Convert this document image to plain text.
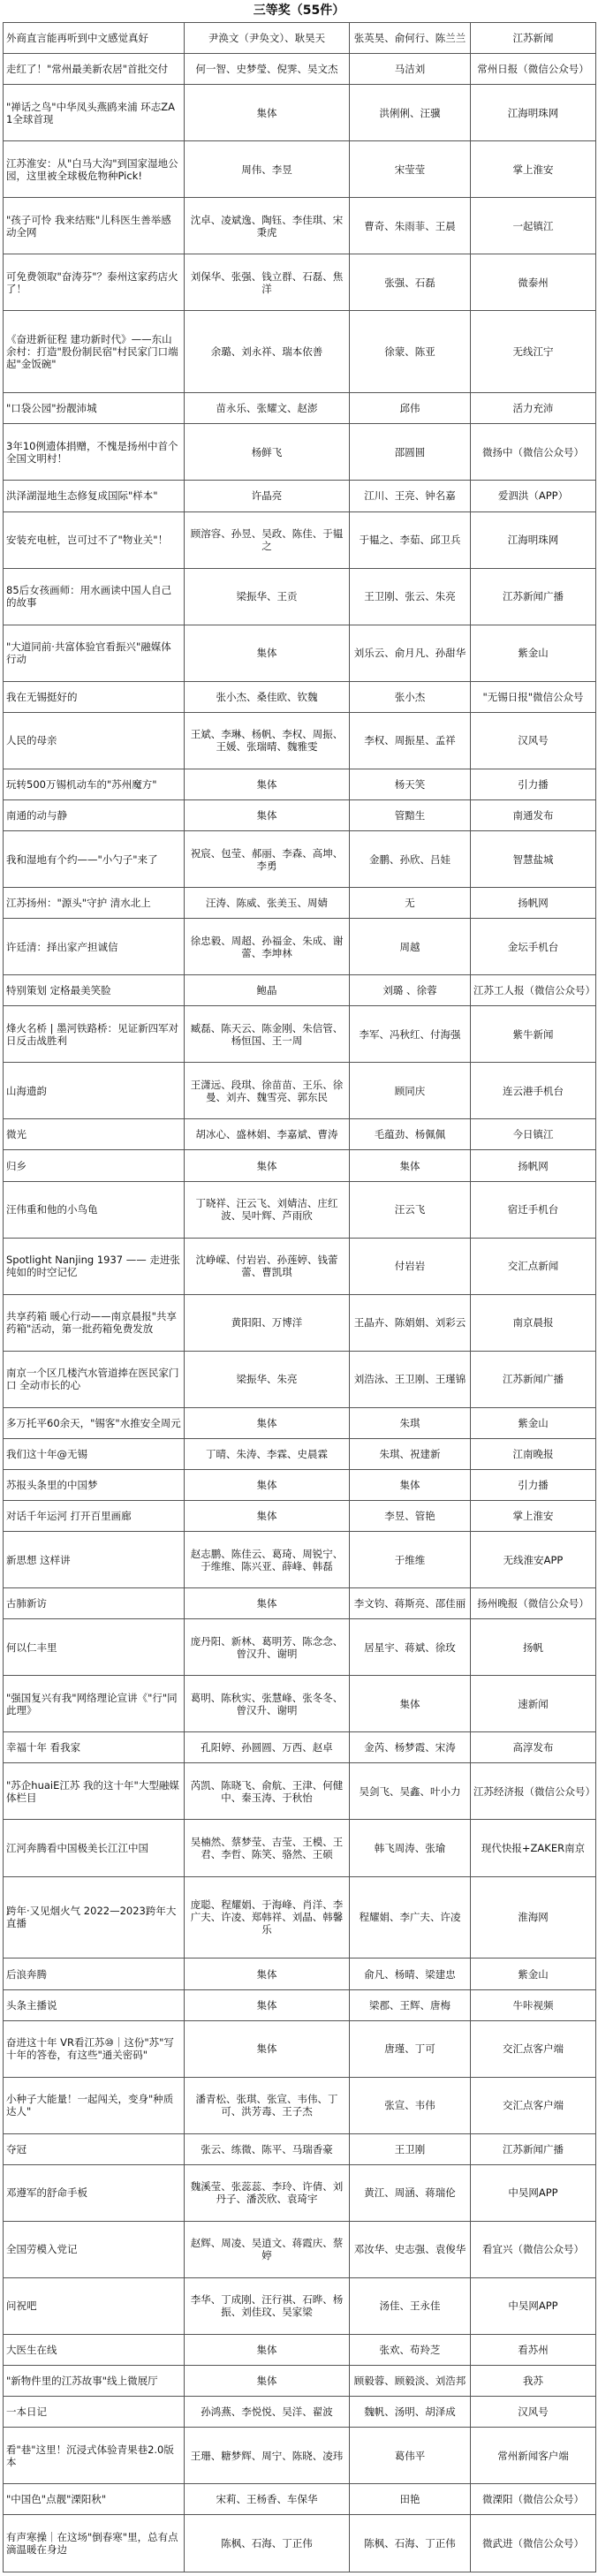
三等奖（55件）
外商直言能再听到中文感觉真好	尹涣文（尹奂文）、耿昊天	张英昊、俞何行、陈兰兰	江苏新闻
走红了！"常州最美新农居"首批交付	何一智、史梦瑩、倪霁、吴文杰	马洁刘	常州日报（微信公众号）
"禅话之鸟"中华凤头燕鸥来浦 环志ZA1全球首现	集体	洪俐俐、汪骥	江海明珠网
江苏淮安：从"白马大沟"到国家湿地公园，这里被全球极危物种Pick!	周伟、李昱	宋莹莹	掌上淮安
"孩子可怜 我来结账"儿科医生善举感动全网	沈卓、凌斌逸、陶钰、李佳琪、宋秉虎	曹奇、朱雨菲、王晨	一起镇江
可免费领取"奋涛芬"？泰州这家药店火了！	刘保华、张强、钱立群、石磊、焦洋	张强、石磊	微泰州
《奋进新征程 建功新时代》——东山余村：打造"股份制民宿"村民家门口端起"金饭碗"	余璐、刘永祥、瑞本依善	徐蒙、陈亚	无线江宁
"口袋公园"扮靓沛城	苗永乐、张耀文、赵澎	邱伟	活力充沛
3年10例遗体捐赠，不愧是扬州中首个全国文明村！	杨鲜飞	邵圆圆	微扬中（微信公众号）
洪泽湖湿地生态修复成国际"样本"	许晶亮	江川、王亮、钟名嘉	爱泗洪（APP）
安装充电桩，岂可过不了"物业关"！	顾溶容、孙昱、吴政、陈佳、于韫之	于韫之、李茹、邱卫兵	江海明珠网
85后女孩画师：用水画读中国人自己的故事	梁振华、王贡	王卫刚、张云、朱亮	江苏新闻广播
"大道同前·共富体验官看振兴"融媒体行动	集体	刘乐云、俞月凡、孙甜华	紫金山
我在无锡挺好的	张小杰、桑佳欧、钦魏	张小杰	"无锡日报"微信公众号
人民的母亲	王斌、李琳、杨帆、李权、周振、王媛、张瑞晴、魏雅雯	李权、周振星、孟祥	汉风号
玩转500万锡机动车的"苏州魔方"	集体	杨天笑	引力播
南通的动与静	集体	管黯生	南通发布
我和湿地有个约——"小勺子"来了	祝宸、包莹、郝丽、李森、高坤、李勇	金鹏、孙欣、吕娃	智慧盐城
江苏扬州："源头"守护 清水北上	汪涛、陈威、张美玉、周婧	无	扬帆网
许廷清：择出家产担诚信	徐忠毅、周超、孙福金、朱成、谢蕾、李坤林	周越	金坛手机台
特别策划 定格最美笑脸	鲍晶	刘璐 、徐蓉	江苏工人报（微信公众号）
烽火名桥 | 墨河铁路桥：见证新四军对日反击战胜利	臧磊、陈天云、陈金刚、朱信管、杨恒国、王一周	李军、冯秋红、付海强	紫牛新闻
山海遗韵	王潇远、段琪、徐苗苗、王乐、徐曼、刘卉、魏雪亮、郭东民	顾同庆	连云港手机台
微光	胡冰心、盛林娟、李嘉斌、曹涛	毛蕴劲、杨佩佩	今日镇江
归乡	集体	集体	扬帆网
汪伟重和他的小鸟龟	丁晓祥、汪云飞、刘婧洁、庄红波、吴叶辉、芦雨欣	汪云飞	宿迁手机台
Spotlight Nanjing 1937 —— 走进张纯如的时空记忆	沈峥嵘、付岩岩、孙莲婷、钱蕾蕾、曹凯琪	付岩岩	交汇点新闻
共享药箱 暖心行动——南京晨报"共享药箱"活动，第一批药箱免费发放	黄阳阳、万博洋	王晶卉、陈娟娟、刘彩云	南京晨报
南京一个区几楼汽水管道捧在医民家门口 全动市长的心	梁振华、朱亮	刘浩泳、王卫刚、王瑾锦	江苏新闻广播
多万托平60余天，"锡客"水推安全周元	集体	朱琪	紫金山
我们这十年@无锡	丁晴、朱涛、李霖、史晨霖	朱琪、祝建新	江南晚报
苏报头条里的中国梦	集体	集体	引力播
对话千年运河 打开百里画廊	集体	李昱、管艳	掌上淮安
新思想 这样讲	赵志鹏、陈佳云、葛琦、周锐宁、于维维、陈兴亚、薛峰、韩磊	于维维	无线淮安APP
古肺新访	集体	李文钧、蒋斯亮、邵佳丽	扬州晚报（微信公众号）
何以仁丰里	庞丹阳、新林、葛明芳、陈念念、曾汉升、谢明	居星宇、蒋斌、徐玫	扬帆
"强国复兴有我"网络理论宣讲《"行"同此理》	葛明、陈秋实、张慧峰、张冬冬、曾汉升、谢明	集体	速新闻
幸福十年 看我家	孔阳婷、孙圆圆、万西、赵卓	金芮、杨梦霞、宋涛	高淳发布
"苏企huaiE江苏 我的这十年"大型融媒体栏目	芮凯、陈晓飞、俞航、王津、何健中、秦玉涛、于秋怡	吴剑飞、吴鑫、叶小力	江苏经济报（微信公众号）
江河奔腾看中国极美长江江中国	吴楠然、蔡梦莹、吉莹、王模、王君、李哲、陈笑、骆然、王硕	韩飞周涛、张瑜	现代快报+ZAKER南京
跨年·又见烟火气 2022—2023跨年大直播	庞聪、程耀娟、于海峰、肖洋、李广夫、许凌、郑韩祥、刘晶、韩馨乐	程耀娟、李广夫、许凌	淮海网
后浪奔腾	集体	俞凡、杨晴、梁建忠	紫金山
头条主播说	集体	梁郡、王辉、唐梅	牛咔视频
奋进这十年 VR看江苏⑩｜这份"苏"写十年的答卷，有这些"通关密码"	集体	唐瑾、丁可	交汇点客户端
小种子大能量！一起闯关，变身"种质达人"	潘青松、张琪、张宣、韦伟、丁可、洪芳毒、王子杰	张宣、韦伟	交汇点客户端
夺冠	张云、练微、陈平、马瑞香豪	王卫刚	江苏新闻广播
邓遵军的舒命手板	魏溪莹、张蕊蕊、李玲、许倩、刘丹子、潘茨欣、袁琦宇	黄江、周涵、蒋瑞伦	中吴网APP
全国劳模入党记	赵辉、周凌、吴逍文、蒋霞庆、蔡婷	邓汝华、史志强、袁俊华	看宜兴（微信公众号）
问祝吧	李华、丁成刚、汪行祺、石晔、杨振、刘佳玟、吴家梁	汤佳、王永佳	中吴网APP
大医生在线	集体	张欢、苟羚芝	看苏州
"新物件里的江苏故事"线上微展厅	集体	顾毅蓉、顾毅淡、刘浩邦	我苏
一本日记	孙鸿燕、李悦悦、吴洋、翟波	魏帆、汤明、胡泽成	汉风号
看"巷"这里！沉浸式体验青果巷2.0版本	王珊、糖梦辉、周宁、陈晓、凌玮	葛伟平	常州新闻客户端
"中国色"点靓"溧阳秋"	宋莉、王杨香、车保华	田艳	微溧阳（微信公众号）
有声寒操｜在这场"倒春寒"里，总有点滴温暖在身边	陈枫、石海、丁正伟	陈枫、石海、丁正伟	微武进（微信公众号）
